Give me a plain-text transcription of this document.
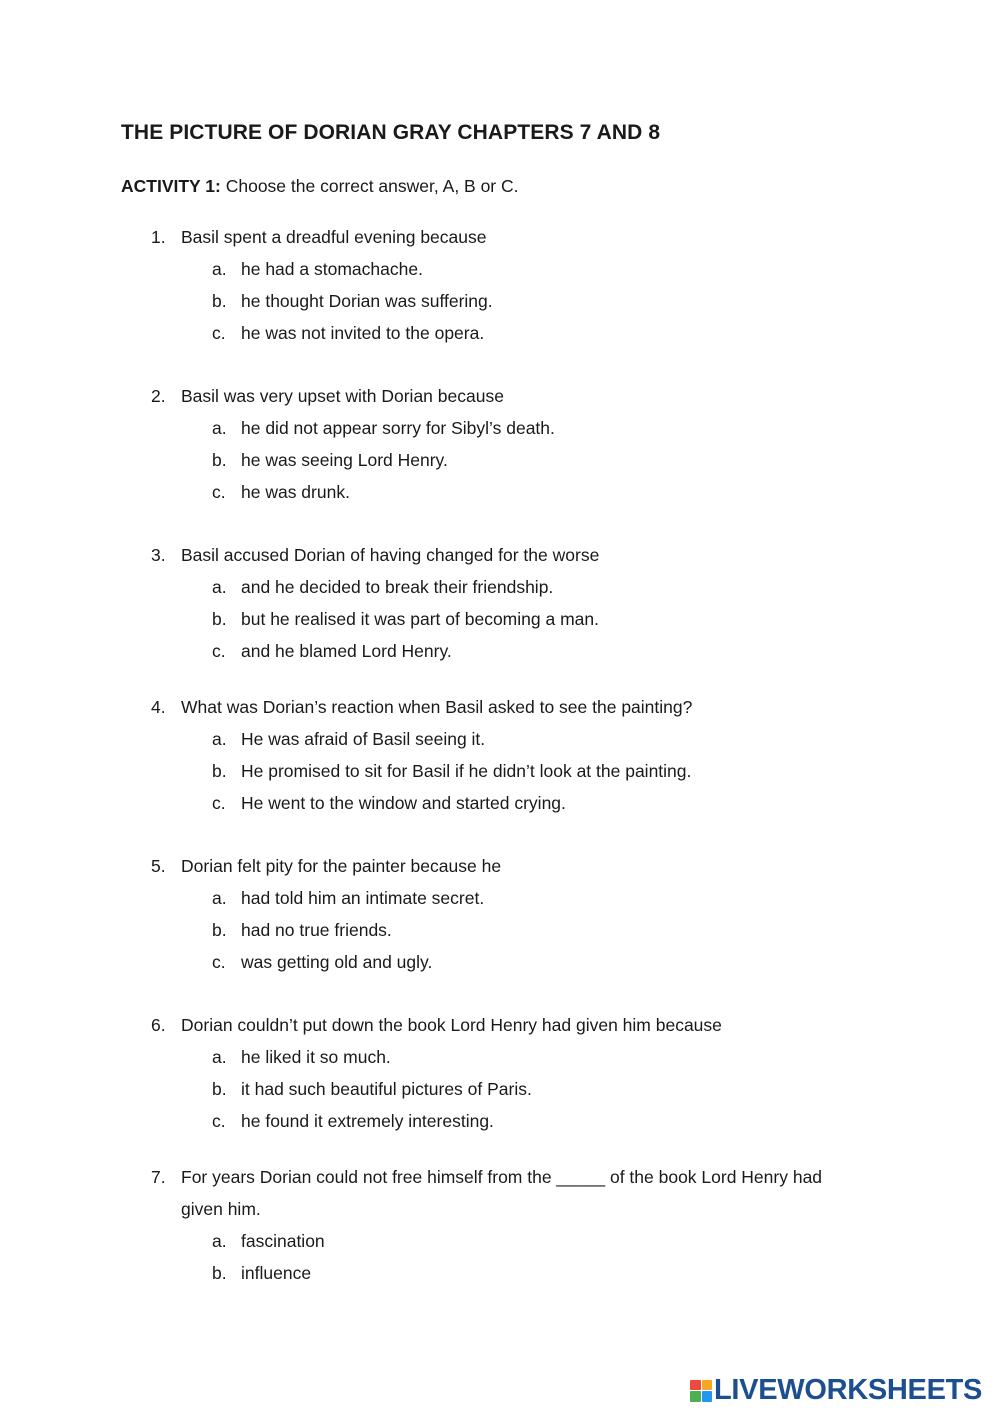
THE PICTURE OF DORIAN GRAY CHAPTERS 7 AND 8
ACTIVITY 1: Choose the correct answer, A, B or C.
1. Basil spent a dreadful evening because
a. he had a stomachache.
b. he thought Dorian was suffering.
c. he was not invited to the opera.
2. Basil was very upset with Dorian because
a. he did not appear sorry for Sibyl’s death.
b. he was seeing Lord Henry.
c. he was drunk.
3. Basil accused Dorian of having changed for the worse
a. and he decided to break their friendship.
b. but he realised it was part of becoming a man.
c. and he blamed Lord Henry.
4. What was Dorian’s reaction when Basil asked to see the painting?
a. He was afraid of Basil seeing it.
b. He promised to sit for Basil if he didn’t look at the painting.
c. He went to the window and started crying.
5. Dorian felt pity for the painter because he
a. had told him an intimate secret.
b. had no true friends.
c. was getting old and ugly.
6. Dorian couldn’t put down the book Lord Henry had given him because
a. he liked it so much.
b. it had such beautiful pictures of Paris.
c. he found it extremely interesting.
7. For years Dorian could not free himself from the _____ of the book Lord Henry had
given him.
a. fascination
b. influence
LIVEWORKSHEETS
